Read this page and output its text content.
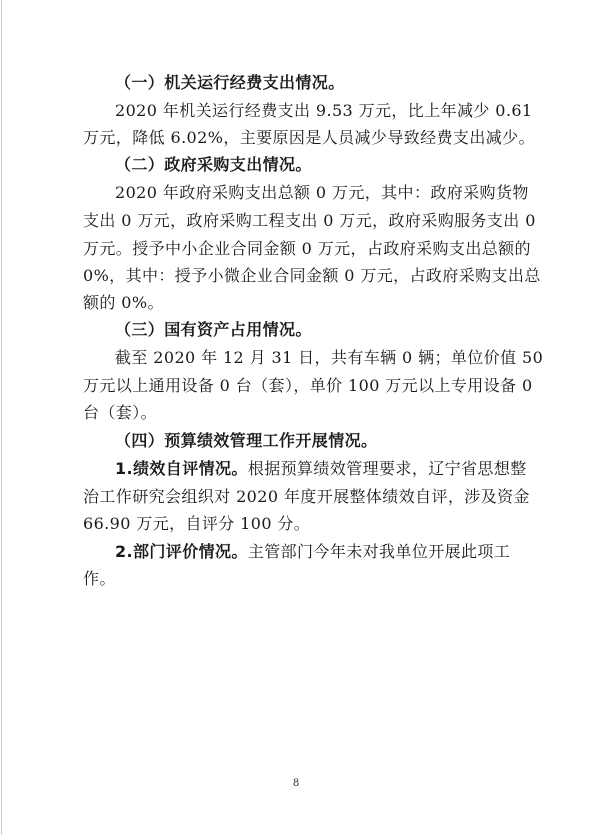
（一）机关运行经费支出情况。
2020 年机关运行经费支出 9.53 万元，比上年减少 0.61
万元，降低 6.02%，主要原因是人员减少导致经费支出减少。
（二）政府采购支出情况。
2020 年政府采购支出总额 0 万元，其中：政府采购货物
支出 0 万元，政府采购工程支出 0 万元，政府采购服务支出 0
万元。授予中小企业合同金额 0 万元，占政府采购支出总额的
0%，其中：授予小微企业合同金额 0 万元，占政府采购支出总
额的 0%。
（三）国有资产占用情况。
截至 2020 年 12 月 31 日，共有车辆 0 辆；单位价值 50
万元以上通用设备 0 台（套），单价 100 万元以上专用设备 0
台（套）。
（四）预算绩效管理工作开展情况。
1.绩效自评情况。根据预算绩效管理要求，辽宁省思想整
治工作研究会组织对 2020 年度开展整体绩效自评，涉及资金
66.90 万元，自评分 100 分。
2.部门评价情况。主管部门今年未对我单位开展此项工
作。
8
